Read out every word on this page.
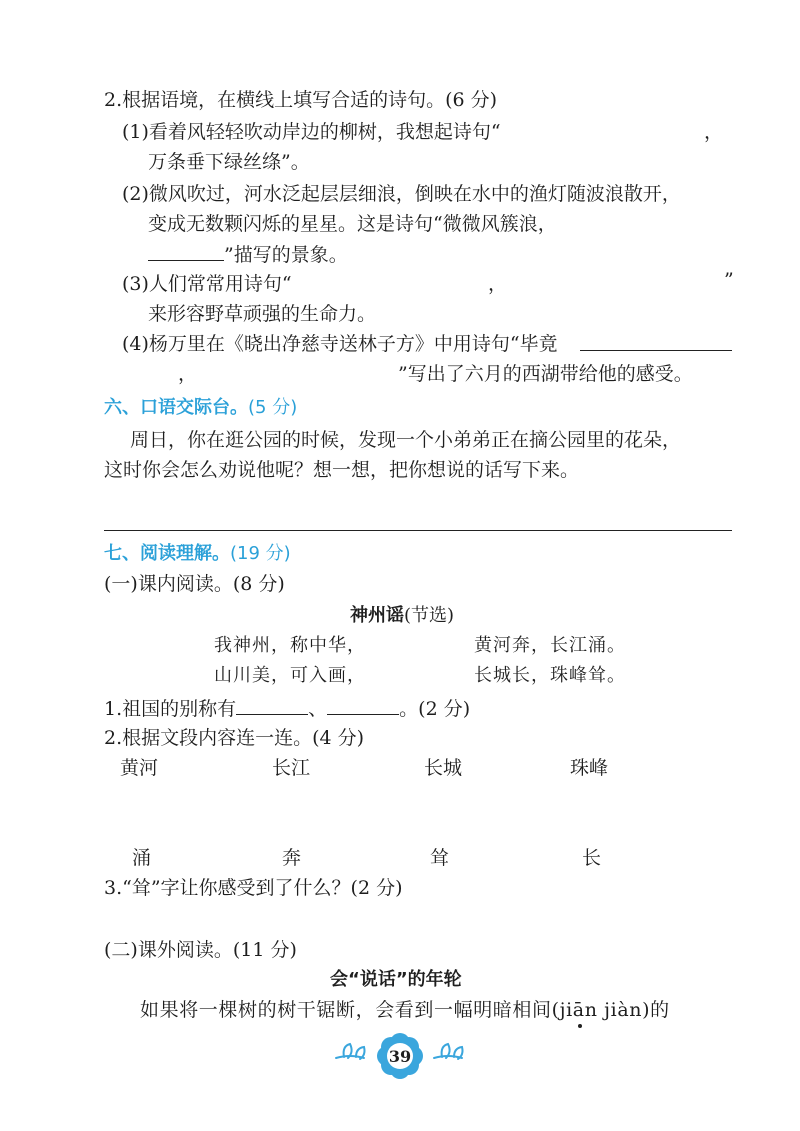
2.根据语境，在横线上填写合适的诗句。(6 分)
(1)看着风轻轻吹动岸边的柳树，我想起诗句“	，
万条垂下绿丝绦”。
(2)微风吹过，河水泛起层层细浪，倒映在水中的渔灯随波浪散开，
变成无数颗闪烁的星星。这是诗句“微微风簇浪，
”描写的景象。
(3)人们常常用诗句“	，	”
来形容野草顽强的生命力。
(4)杨万里在《晓出净慈寺送林子方》中用诗句“毕竟
，	”写出了六月的西湖带给他的感受。
六、口语交际台。(5 分)
周日，你在逛公园的时候，发现一个小弟弟正在摘公园里的花朵，
这时你会怎么劝说他呢？想一想，把你想说的话写下来。
七、阅读理解。(19 分)
(一)课内阅读。(8 分)
神州谣(节选)
我神州，称中华，	黄河奔，长江涌。
山川美，可入画，	长城长，珠峰耸。
1.祖国的别称有	、	。(2 分)
2.根据文段内容连一连。(4 分)
黄河	长江	长城	珠峰
涌	奔	耸	长
3.“耸”字让你感受到了什么？(2 分)
(二)课外阅读。(11 分)
会“说话”的年轮
如果将一棵树的树干锯断，会看到一幅明暗相间(jiān jiàn)的
39
